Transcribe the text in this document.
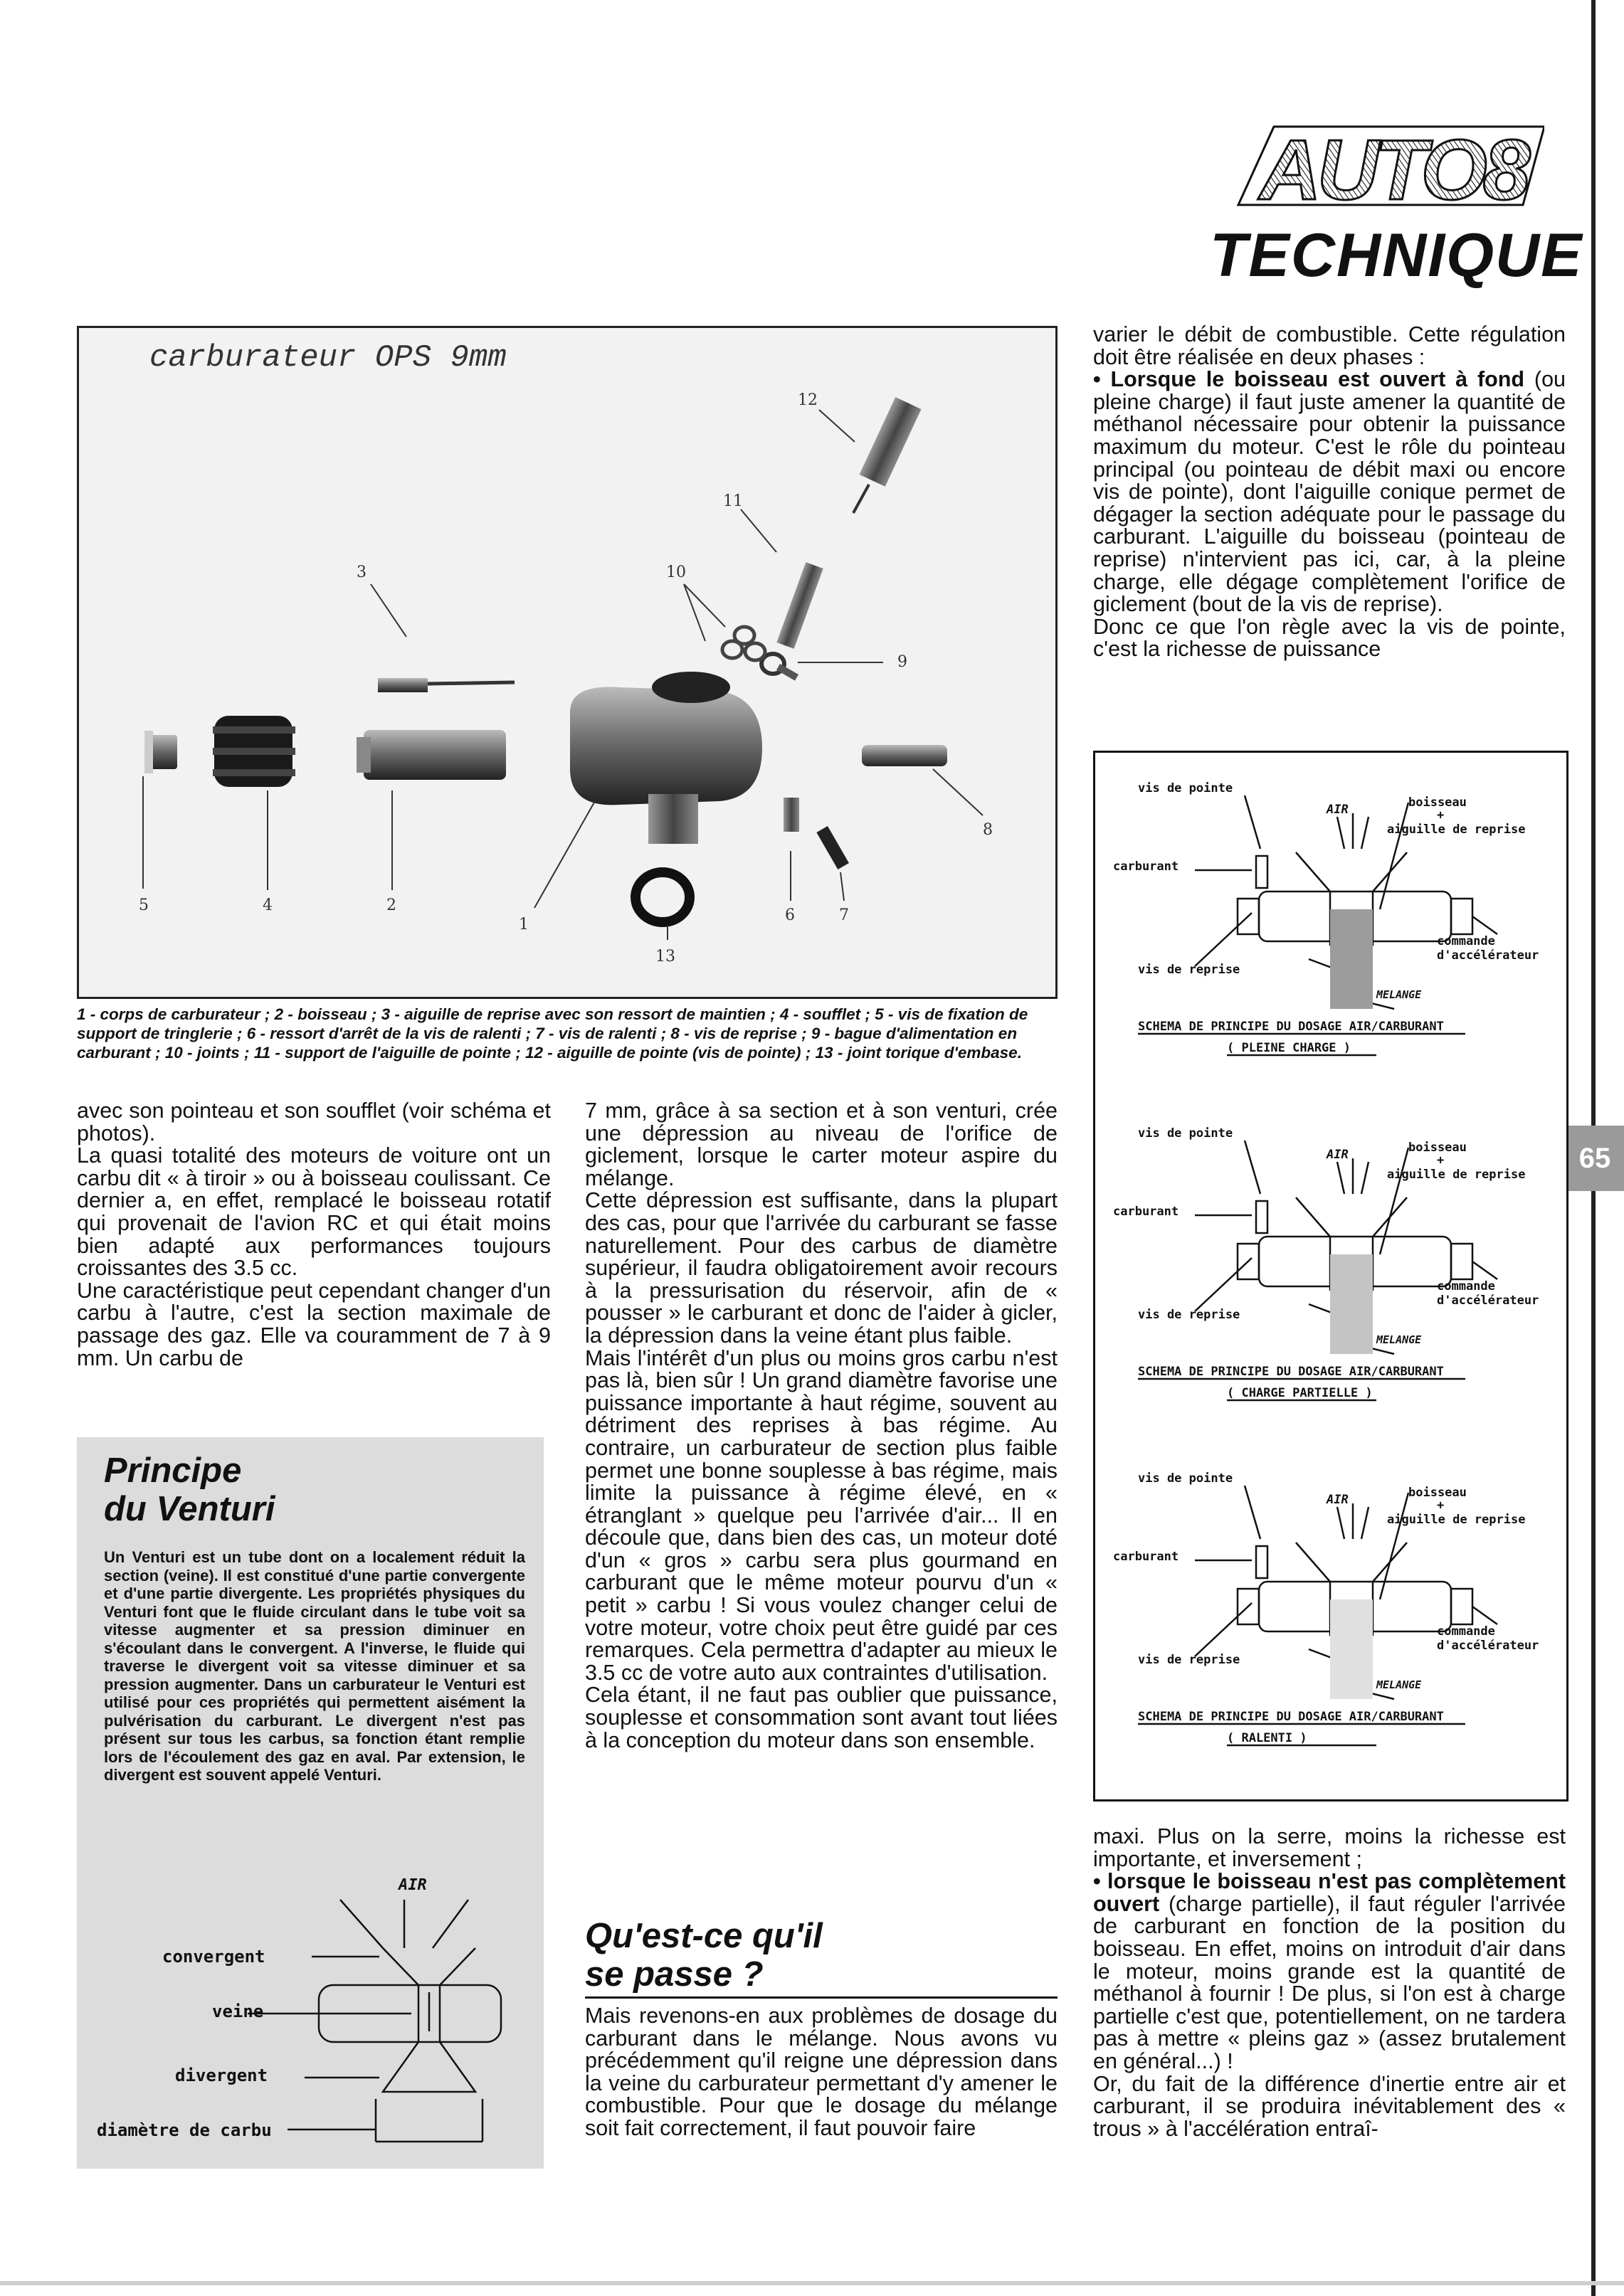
AUTO8
TECHNIQUE
65
5	4	2
3
1
6	7
8
9
10
11
12
13
carburateur OPS 9mm
1 - corps de carburateur ; 2 - boisseau ; 3 - aiguille de reprise avec son ressort de maintien ; 4 - soufflet ; 5 - vis de fixation de support de tringlerie ; 6 - ressort d'arrêt de la vis de ralenti ; 7 - vis de ralenti ; 8 - vis de reprise ; 9 - bague d'alimentation en carburant ; 10 - joints ; 11 - support de l'aiguille de pointe ; 12 - aiguille de pointe (vis de pointe) ; 13 - joint torique d'embase.

avec son pointeau et son soufflet (voir schéma et photos).

La quasi totalité des moteurs de voiture ont un carbu dit « à tiroir » ou à boisseau coulissant. Ce dernier a, en effet, remplacé le boisseau rotatif qui provenait de l'avion RC et qui était moins bien adapté aux performances toujours croissantes des 3.5 cc.

Une caractéristique peut cependant changer d'un carbu à l'autre, c'est la section maximale de passage des gaz. Elle va couramment de 7 à 9 mm. Un carbu de

Principe
du Venturi
Un Venturi est un tube dont on a localement réduit la section (veine). Il est constitué d'une partie convergente et d'une partie divergente. Les propriétés physiques du Venturi font que le fluide circulant dans le tube voit sa vitesse augmenter et sa pression diminuer en s'écoulant dans le convergent. A l'inverse, le fluide qui traverse le divergent voit sa vitesse diminuer et sa pression augmenter. Dans un carburateur le Venturi est utilisé pour ces propriétés qui permettent aisément la pulvérisation du carburant. Le divergent n'est pas présent sur tous les carbus, sa fonction étant remplie lors de l'écoulement des gaz en aval. Par extension, le divergent est souvent appelé Venturi.
AIR
convergent
veine
divergent
diamètre de carbu

7 mm, grâce à sa section et à son venturi, crée une dépression au niveau de l'orifice de giclement, lorsque le carter moteur aspire du mélange.

Cette dépression est suffisante, dans la plupart des cas, pour que l'arrivée du carburant se fasse naturellement. Pour des carbus de diamètre supérieur, il faudra obligatoirement avoir recours à la pressurisation du réservoir, afin de « pousser » le carburant et donc de l'aider à gicler, la dépression dans la veine étant plus faible.

Mais l'intérêt d'un plus ou moins gros carbu n'est pas là, bien sûr ! Un grand diamètre favorise une puissance importante à haut régime, souvent au détriment des reprises à bas régime. Au contraire, un carburateur de section plus faible permet une bonne souplesse à bas régime, mais limite la puissance à régime élevé, en « étranglant » quelque peu l'arrivée d'air... Il en découle que, dans bien des cas, un moteur doté d'un « gros » carbu sera plus gourmand en carburant que le même moteur pourvu d'un « petit » carbu ! Si vous voulez changer celui de votre moteur, votre choix peut être guidé par ces remarques. Cela permettra d'adapter au mieux le 3.5 cc de votre auto aux contraintes d'utilisation.

Cela étant, il ne faut pas oublier que puissance, souplesse et consommation sont avant tout liées à la conception du moteur dans son ensemble.

Qu'est-ce qu'il
se passe ?

Mais revenons-en aux problèmes de dosage du carburant dans le mélange. Nous avons vu précédemment qu'il reigne une dépression dans la veine du carburateur permettant d'y amener le combustible. Pour que le dosage du mélange soit fait correctement, il faut pouvoir faire

varier le débit de combustible. Cette régulation doit être réalisée en deux phases :

• Lorsque le boisseau est ouvert à fond (ou pleine charge) il faut juste amener la quantité de méthanol nécessaire pour obtenir la puissance maximum du moteur. C'est le rôle du pointeau principal (ou pointeau de débit maxi ou encore vis de pointe), dont l'aiguille conique permet de dégager la section adéquate pour le passage du carburant. L'aiguille du boisseau (pointeau de reprise) n'intervient pas ici, car, à la pleine charge, elle dégage complètement l'orifice de giclement (bout de la vis de reprise).

Donc ce que l'on règle avec la vis de pointe, c'est la richesse de puissance

vis de pointe
AIR	boisseau
+
aiguille de reprise
carburant
commande
d'accélérateur
vis de reprise
MELANGE
SCHEMA DE PRINCIPE DU DOSAGE AIR/CARBURANT
( PLEINE CHARGE )
vis de pointe
AIR	boisseau
+
aiguille de reprise
carburant
commande
d'accélérateur
vis de reprise
MELANGE
SCHEMA DE PRINCIPE DU DOSAGE AIR/CARBURANT
( CHARGE PARTIELLE )
vis de pointe
AIR	boisseau
+
aiguille de reprise
carburant
commande
d'accélérateur
vis de reprise
MELANGE
SCHEMA DE PRINCIPE DU DOSAGE AIR/CARBURANT
( RALENTI )

maxi. Plus on la serre, moins la richesse est importante, et inversement ;

• lorsque le boisseau n'est pas complètement ouvert (charge partielle), il faut réguler l'arrivée de carburant en fonction de la position du boisseau. En effet, moins on introduit d'air dans le moteur, moins grande est la quantité de méthanol à fournir ! De plus, si l'on est à charge partielle c'est que, potentiellement, on ne tardera pas à mettre « pleins gaz » (assez brutalement en général...) !

Or, du fait de la différence d'inertie entre air et carburant, il se produira inévitablement des « trous » à l'accélération entraî-
